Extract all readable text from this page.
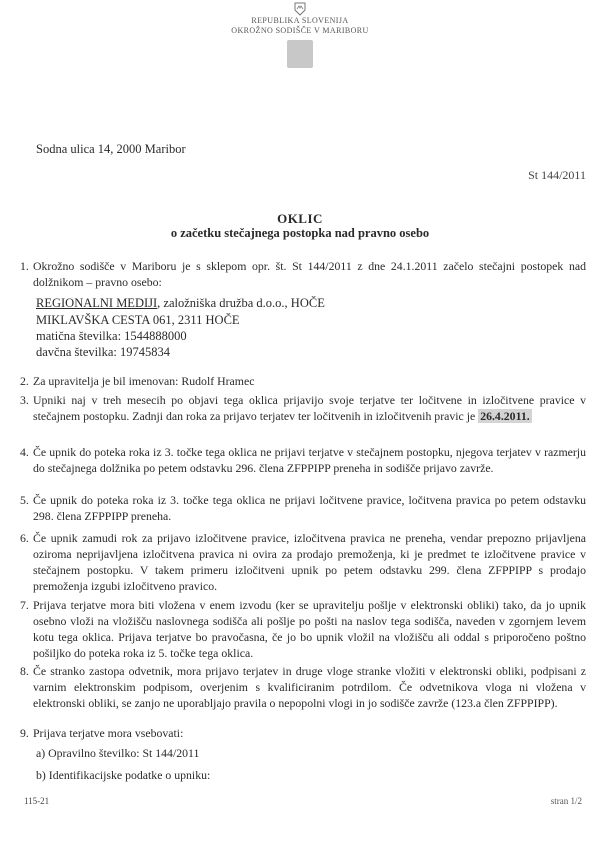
REPUBLIKA SLOVENIJA
OKROŽNO SODIŠČE V MARIBORU
Sodna ulica 14, 2000 Maribor
St 144/2011
OKLIC
o začetku stečajnega postopka nad pravno osebo
1. Okrožno sodišče v Mariboru je s sklepom opr. št. St 144/2011 z dne 24.1.2011 začelo stečajni postopek nad dolžnikom – pravno osebo:
REGIONALNI MEDIJI, založniška družba d.o.o., HOČE
MIKLAVŠKA CESTA 061, 2311 HOČE
matična številka: 1544888000
davčna številka: 19745834
2. Za upravitelja je bil imenovan: Rudolf Hramec
3. Upniki naj v treh mesecih po objavi tega oklica prijavijo svoje terjatve ter ločitvene in izločitvene pravice v stečajnem postopku. Zadnji dan roka za prijavo terjatev ter ločitvenih in izločitvenih pravic je 26.4.2011.
4. Če upnik do poteka roka iz 3. točke tega oklica ne prijavi terjatve v stečajnem postopku, njegova terjatev v razmerju do stečajnega dolžnika po petem odstavku 296. člena ZFPPIPP preneha in sodišče prijavo zavrže.
5. Če upnik do poteka roka iz 3. točke tega oklica ne prijavi ločitvene pravice, ločitvena pravica po petem odstavku 298. člena ZFPPIPP preneha.
6. Če upnik zamudi rok za prijavo izločitvene pravice, izločitvena pravica ne preneha, vendar prepozno prijavljena oziroma neprijavljena izločitvena pravica ni ovira za prodajo premoženja, ki je predmet te izločitvene pravice v stečajnem postopku. V takem primeru izločitveni upnik po petem odstavku 299. člena ZFPPIPP s prodajo premoženja izgubi izločitveno pravico.
7. Prijava terjatve mora biti vložena v enem izvodu (ker se upravitelju pošlje v elektronski obliki) tako, da jo upnik osebno vloži na vložišču naslovnega sodišča ali pošlje po pošti na naslov tega sodišča, naveden v zgornjem levem kotu tega oklica. Prijava terjatve bo pravočasna, če jo bo upnik vložil na vložišču ali oddal s priporočeno poštno pošiljko do poteka roka iz 5. točke tega oklica.
8. Če stranko zastopa odvetnik, mora prijavo terjatev in druge vloge stranke vložiti v elektronski obliki, podpisani z varnim elektronskim podpisom, overjenim s kvalificiranim potrdilom. Če odvetnikova vloga ni vložena v elektronski obliki, se zanjo ne uporabljajo pravila o nepopolni vlogi in jo sodišče zavrže (123.a člen ZFPPIPP).
9. Prijava terjatve mora vsebovati:
a) Opravilno številko: St 144/2011
b) Identifikacijske podatke o upniku:
115-21	stran 1/2
